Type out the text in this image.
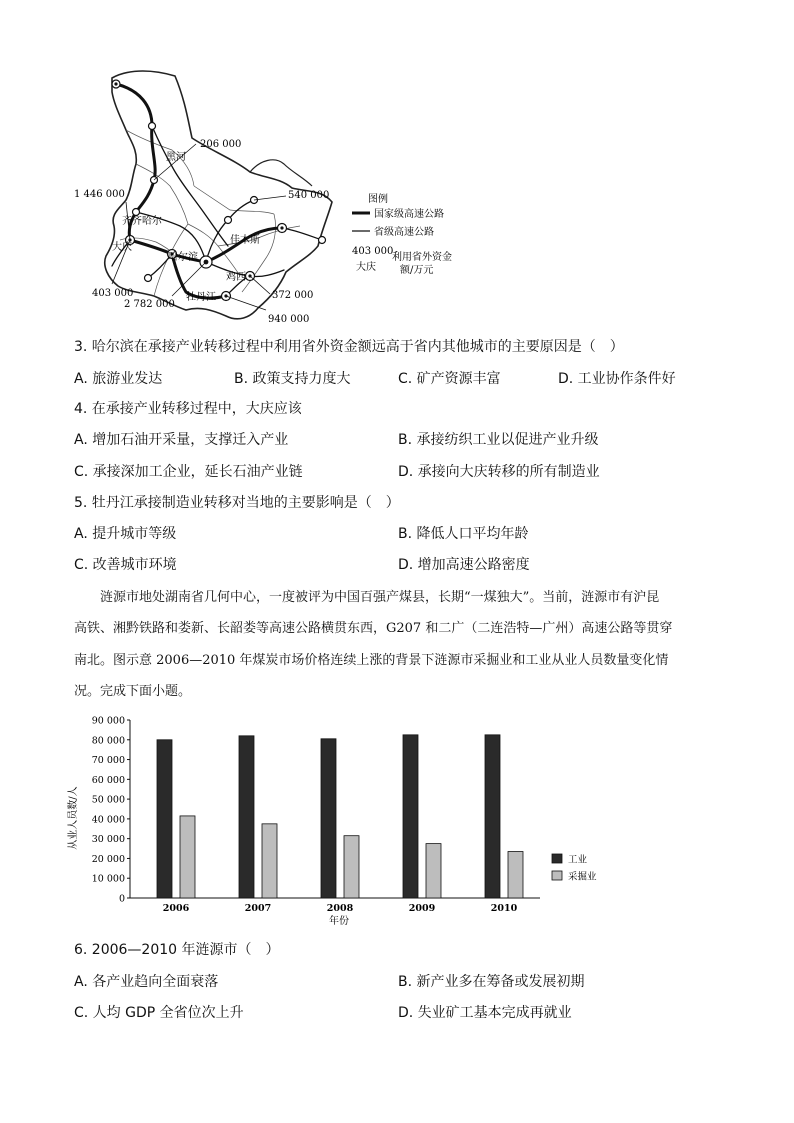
黑河
齐齐哈尔
大庆
哈尔滨
佳木斯
鸡西
牡丹江
206 000
1 446 000	540 000
403 000
2 782 000
372 000
940 000
图例
国家级高速公路
省级高速公路
403 000
大庆
利用省外资金
额/万元
3. 哈尔滨在承接产业转移过程中利用省外资金额远高于省内其他城市的主要原因是（　）
A. 旅游业发达	B. 政策支持力度大	C. 矿产资源丰富	D. 工业协作条件好
4. 在承接产业转移过程中，大庆应该
A. 增加石油开采量，支撑迁入产业	B. 承接纺织工业以促进产业升级
C. 承接深加工企业，延长石油产业链	D. 承接向大庆转移的所有制造业
5. 牡丹江承接制造业转移对当地的主要影响是（　）
A. 提升城市等级	B. 降低人口平均年龄
C. 改善城市环境	D. 增加高速公路密度
涟源市地处湖南省几何中心，一度被评为中国百强产煤县，长期“一煤独大”。当前，涟源市有沪昆
高铁、湘黔铁路和娄新、长韶娄等高速公路横贯东西，G207 和二广（二连浩特—广州）高速公路等贯穿
南北。图示意 2006—2010 年煤炭市场价格连续上涨的背景下涟源市采掘业和工业从业人员数量变化情
况。完成下面小题。
0
10 000
20 000
30 000
40 000
50 000
60 000
70 000
80 000
90 000
2006	2007	2008	2009	2010
从业人员数/人
年份
工业
采掘业
6. 2006—2010 年涟源市（　）
A. 各产业趋向全面衰落	B. 新产业多在筹备或发展初期
C. 人均 GDP 全省位次上升	D. 失业矿工基本完成再就业
